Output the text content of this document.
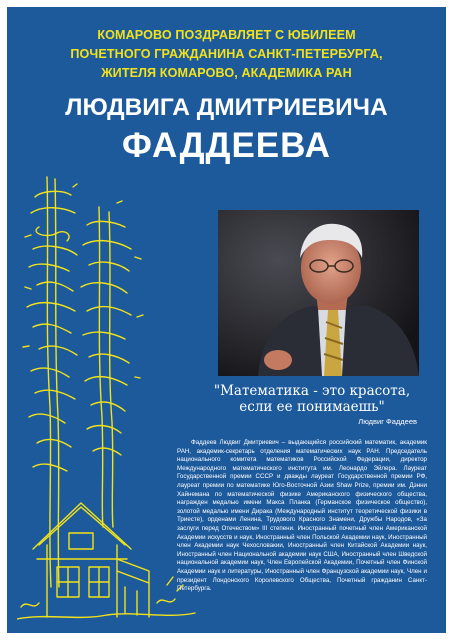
КОМАРОВО ПОЗДРАВЛЯЕТ С ЮБИЛЕЕМ
ПОЧЕТНОГО ГРАЖДАНИНА САНКТ-ПЕТЕРБУРГА,
ЖИТЕЛЯ КОМАРОВО, АКАДЕМИКА РАН
ЛЮДВИГА ДМИТРИЕВИЧА
ФАДДЕЕВА
"Математика - это красота,
если ее понимаешь"
Людвиг Фаддеев
Фаддеев Людвиг Дмитриевич – выдающийся российский математик, академик РАН, академик-секретарь отделения математических наук РАН. Председатель национального комитета математиков Российской Федерации, директор Международного математического института им. Леонардо Эйлера. Лауреат Государственной премии СССР и дважды лауреат Государственной премии РФ, лауреат премии по математике Юго-Восточной Азии Shaw Prize, премии им. Дэнни Хайнемана по математической физике Американского физического общества, награжден медалью имени Макса Планка (Германское физическое общество), золотой медалью имени Дирака (Международный институт теоретической физики в Триесте), орденами Ленина, Трудового Красного Знамени, Дружбы Народов, «За заслуги перед Отечеством» III степени. Иностранный почетный член Американской Академии искусств и наук, Иностранный член Польской Академии наук, Иностранный член Академии наук Чехословакии, Иностранный член Китайской Академии наук, Иностранный член Национальной академии наук США, Иностранный член Шведской национальной академии наук, Член Европейской Академии, Почетный член Финской Академии наук и литературы, Иностранный член Французской академии наук, Член и президент Лондонского Королевского Общества, Почетный гражданин Санкт-Петербурга.
